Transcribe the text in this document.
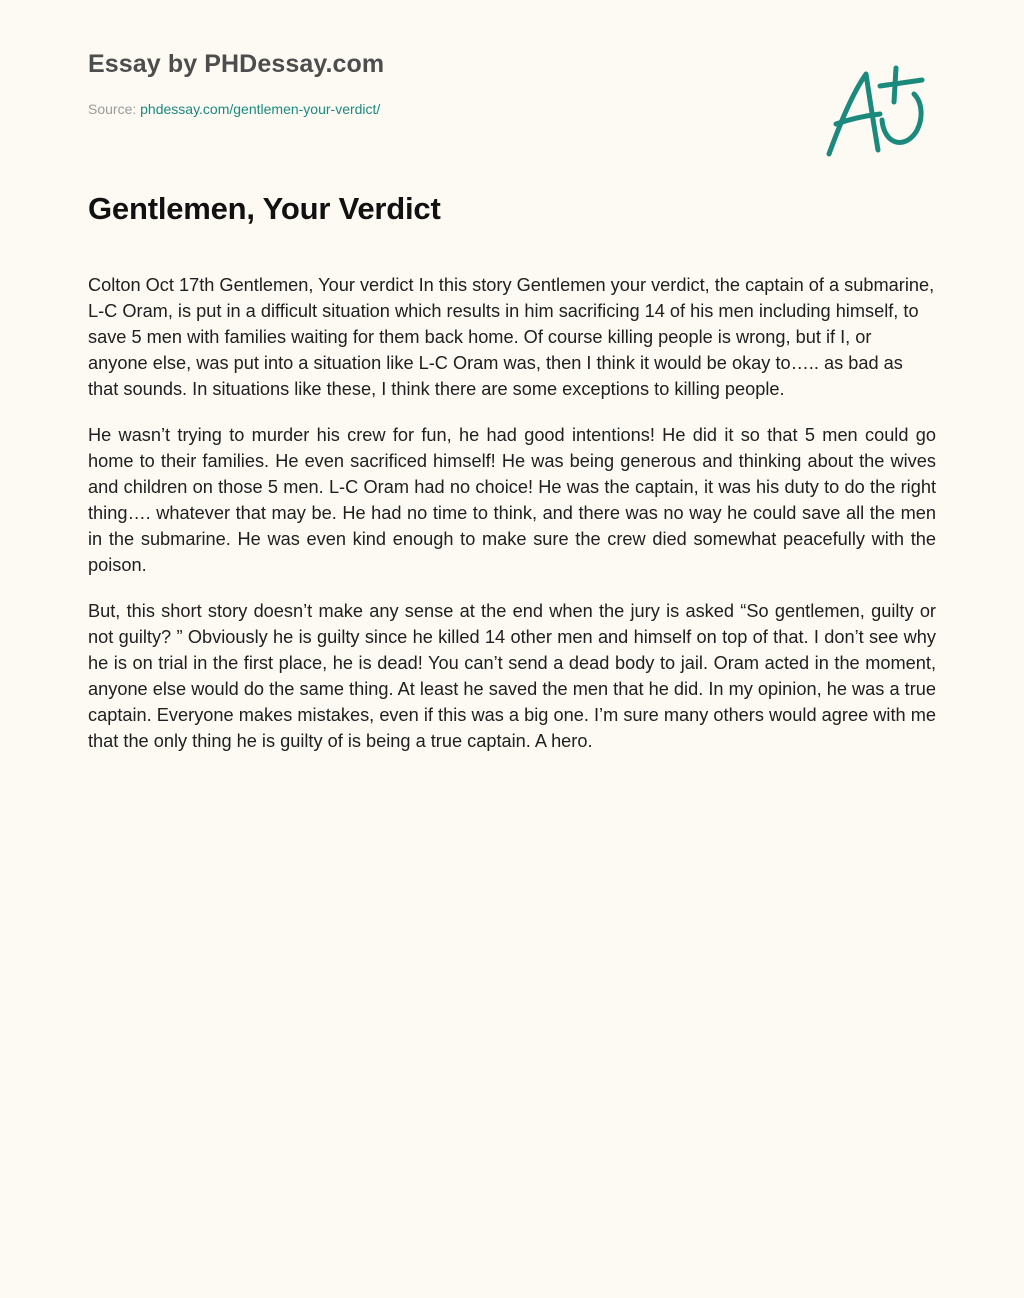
Essay by PHDessay.com
Source: phdessay.com/gentlemen-your-verdict/
Gentlemen, Your Verdict

Colton Oct 17th Gentlemen, Your verdict In this story Gentlemen your verdict, the captain of a submarine, L-C Oram, is put in a difficult situation which results in him sacrificing 14 of his men including himself, to save 5 men with families waiting for them back home. Of course killing people is wrong, but if I, or anyone else, was put into a situation like L-C Oram was, then I think it would be okay to….. as bad as that sounds. In situations like these, I think there are some exceptions to killing people.

He wasn’t trying to murder his crew for fun, he had good intentions! He did it so that 5 men could go home to their families. He even sacrificed himself! He was being generous and thinking about the wives and children on those 5 men. L-C Oram had no choice! He was the captain, it was his duty to do the right thing…. whatever that may be. He had no time to think, and there was no way he could save all the men in the submarine. He was even kind enough to make sure the crew died somewhat peacefully with the poison.

But, this short story doesn’t make any sense at the end when the jury is asked “So gentlemen, guilty or not guilty? ” Obviously he is guilty since he killed 14 other men and himself on top of that. I don’t see why he is on trial in the first place, he is dead! You can’t send a dead body to jail. Oram acted in the moment, anyone else would do the same thing. At least he saved the men that he did. In my opinion, he was a true captain. Everyone makes mistakes, even if this was a big one. I’m sure many others would agree with me that the only thing he is guilty of is being a true captain. A hero.
